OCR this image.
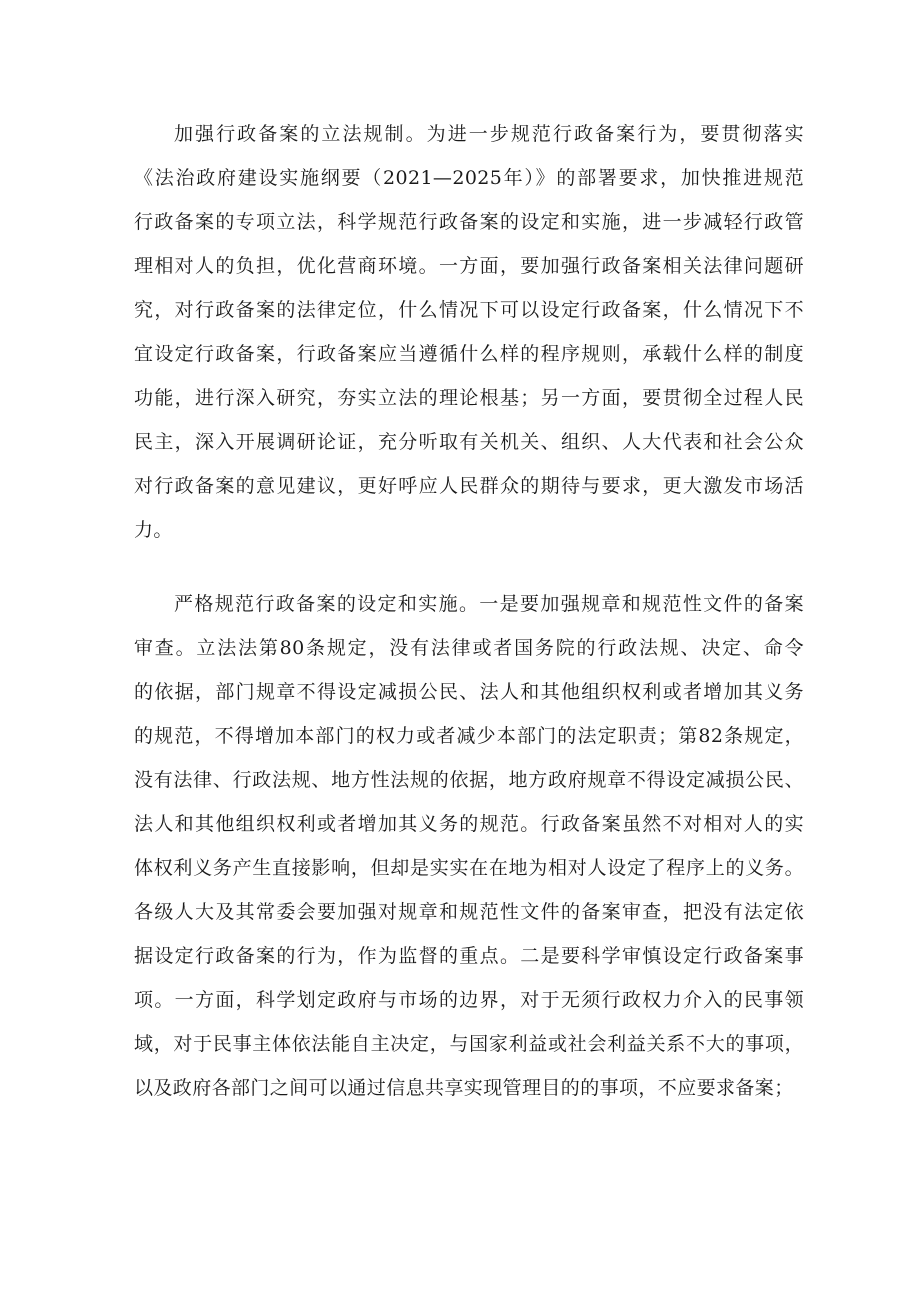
加强行政备案的立法规制。为进一步规范行政备案行为，要贯彻落实
《法治政府建设实施纲要（2021—2025年）》的部署要求，加快推进规范
行政备案的专项立法，科学规范行政备案的设定和实施，进一步减轻行政管
理相对人的负担，优化营商环境。一方面，要加强行政备案相关法律问题研
究，对行政备案的法律定位，什么情况下可以设定行政备案，什么情况下不
宜设定行政备案，行政备案应当遵循什么样的程序规则，承载什么样的制度
功能，进行深入研究，夯实立法的理论根基；另一方面，要贯彻全过程人民
民主，深入开展调研论证，充分听取有关机关、组织、人大代表和社会公众
对行政备案的意见建议，更好呼应人民群众的期待与要求，更大激发市场活
力。
严格规范行政备案的设定和实施。一是要加强规章和规范性文件的备案
审查。立法法第80条规定，没有法律或者国务院的行政法规、决定、命令
的依据，部门规章不得设定减损公民、法人和其他组织权利或者增加其义务
的规范，不得增加本部门的权力或者减少本部门的法定职责；第82条规定，
没有法律、行政法规、地方性法规的依据，地方政府规章不得设定减损公民、
法人和其他组织权利或者增加其义务的规范。行政备案虽然不对相对人的实
体权利义务产生直接影响，但却是实实在在地为相对人设定了程序上的义务。
各级人大及其常委会要加强对规章和规范性文件的备案审查，把没有法定依
据设定行政备案的行为，作为监督的重点。二是要科学审慎设定行政备案事
项。一方面，科学划定政府与市场的边界，对于无须行政权力介入的民事领
域，对于民事主体依法能自主决定，与国家利益或社会利益关系不大的事项，
以及政府各部门之间可以通过信息共享实现管理目的的事项，不应要求备案；
